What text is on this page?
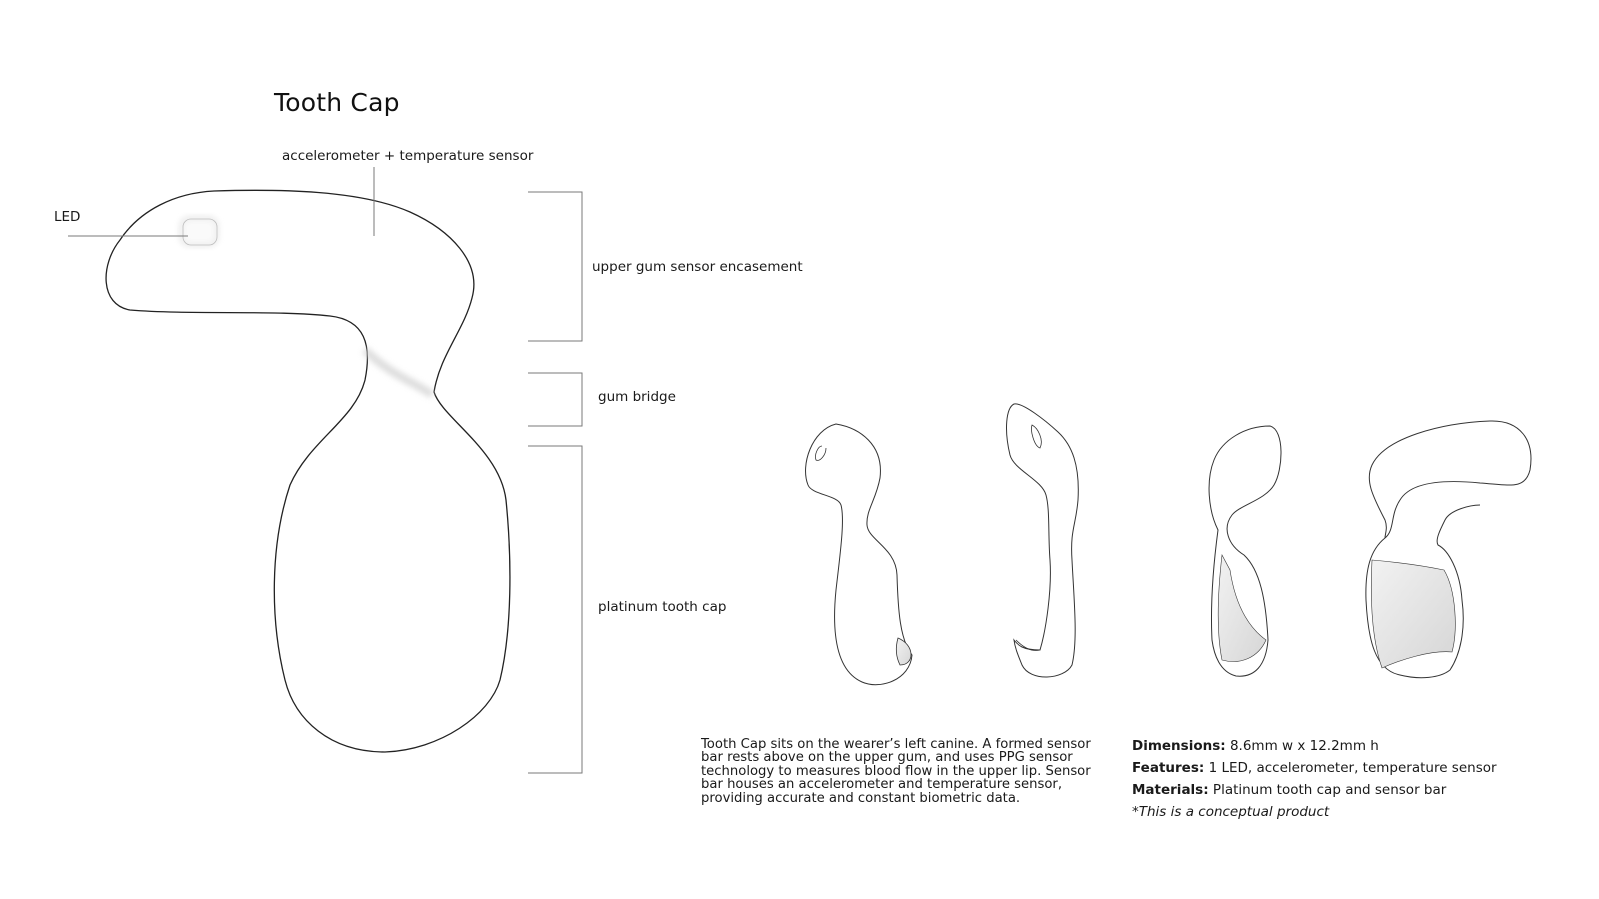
Tooth Cap
LED
accelerometer + temperature sensor
upper gum sensor encasement
gum bridge
platinum tooth cap
Tooth Cap sits on the wearer’s left canine. A formed sensor bar rests above on the upper gum, and uses PPG sensor technology to measures blood flow in the upper lip. Sensor bar houses an accelerometer and temperature sensor, providing accurate and constant biometric data.
Dimensions: 8.6mm w x 12.2mm h
Features: 1 LED, accelerometer, temperature sensor
Materials: Platinum tooth cap and sensor bar
*This is a conceptual product
